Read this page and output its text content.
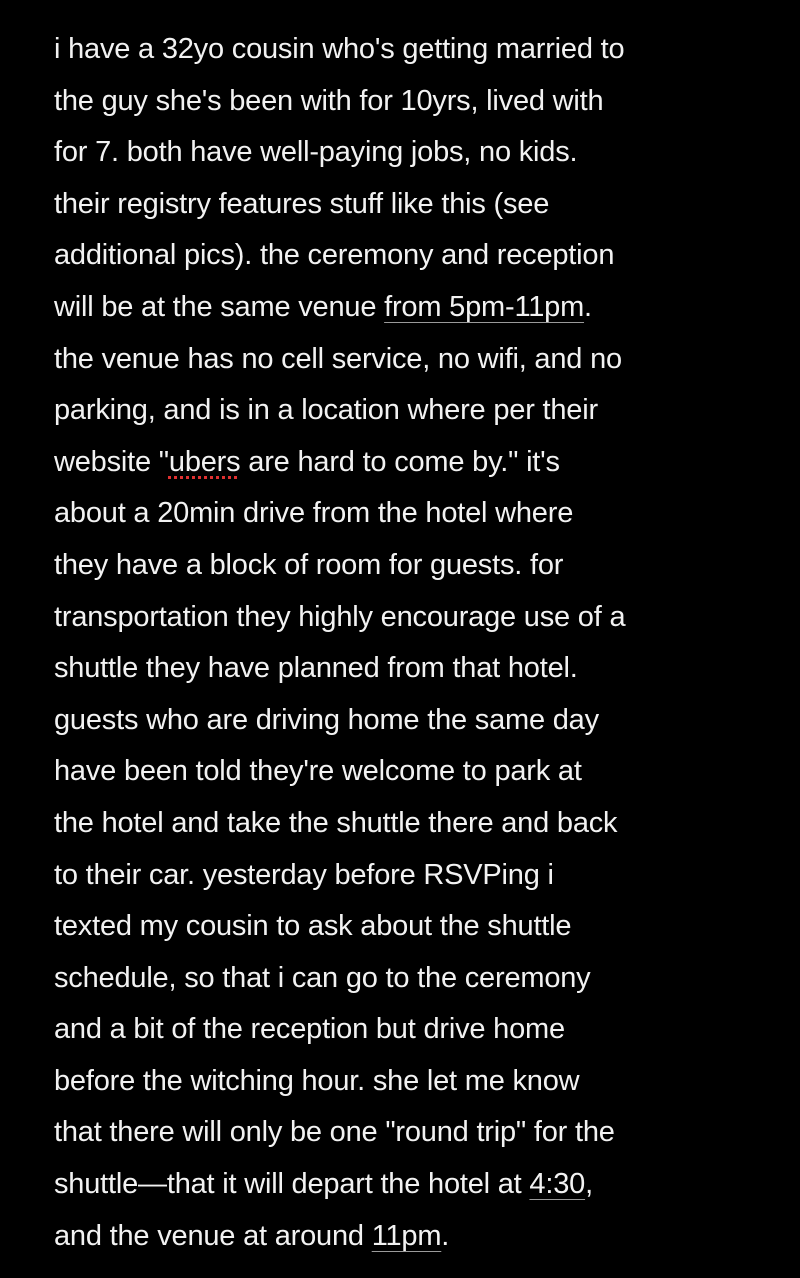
i have a 32yo cousin who's getting married to
the guy she's been with for 10yrs, lived with
for 7. both have well-paying jobs, no kids.
their registry features stuff like this (see
additional pics). the ceremony and reception
will be at the same venue from 5pm-11pm.
the venue has no cell service, no wifi, and no
parking, and is in a location where per their
website "ubers are hard to come by." it's
about a 20min drive from the hotel where
they have a block of room for guests. for
transportation they highly encourage use of a
shuttle they have planned from that hotel.
guests who are driving home the same day
have been told they're welcome to park at
the hotel and take the shuttle there and back
to their car. yesterday before RSVPing i
texted my cousin to ask about the shuttle
schedule, so that i can go to the ceremony
and a bit of the reception but drive home
before the witching hour. she let me know
that there will only be one "round trip" for the
shuttle—that it will depart the hotel at 4:30,
and the venue at around 11pm.
